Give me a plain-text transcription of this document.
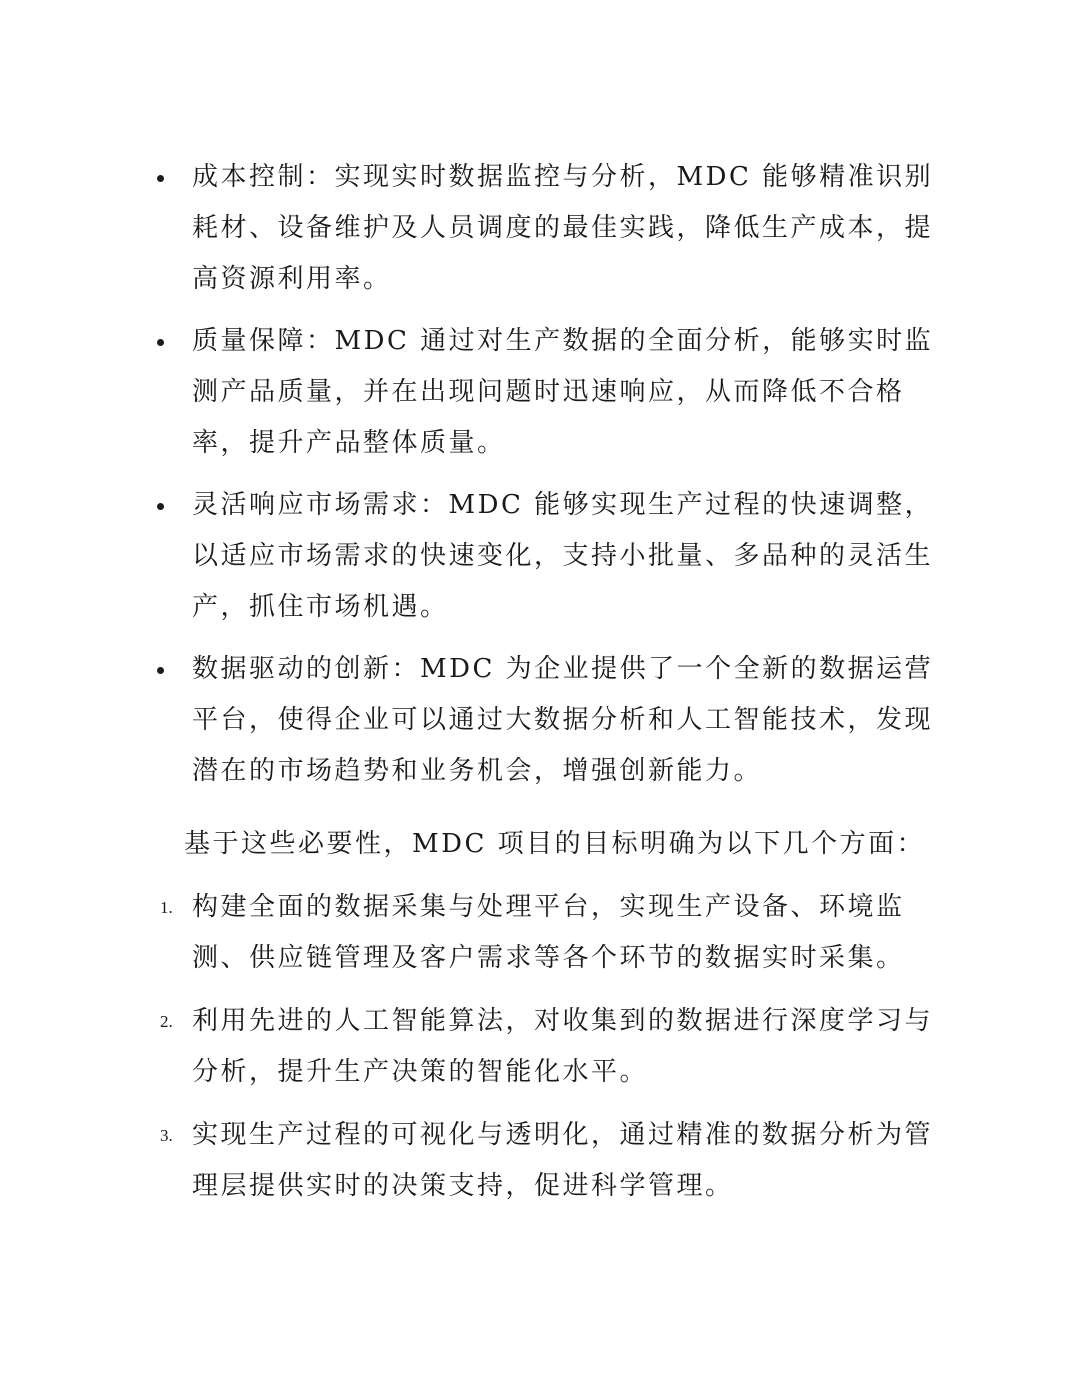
成本控制：实现实时数据监控与分析，MDC 能够精准识别耗材、设备维护及人员调度的最佳实践，降低生产成本，提高资源利用率。
质量保障：MDC 通过对生产数据的全面分析，能够实时监测产品质量，并在出现问题时迅速响应，从而降低不合格率，提升产品整体质量。
灵活响应市场需求：MDC 能够实现生产过程的快速调整，以适应市场需求的快速变化，支持小批量、多品种的灵活生产，抓住市场机遇。
数据驱动的创新：MDC 为企业提供了一个全新的数据运营平台，使得企业可以通过大数据分析和人工智能技术，发现潜在的市场趋势和业务机会，增强创新能力。

基于这些必要性，MDC 项目的目标明确为以下几个方面：

1. 构建全面的数据采集与处理平台，实现生产设备、环境监测、供应链管理及客户需求等各个环节的数据实时采集。
2. 利用先进的人工智能算法，对收集到的数据进行深度学习与分析，提升生产决策的智能化水平。
3. 实现生产过程的可视化与透明化，通过精准的数据分析为管理层提供实时的决策支持，促进科学管理。
